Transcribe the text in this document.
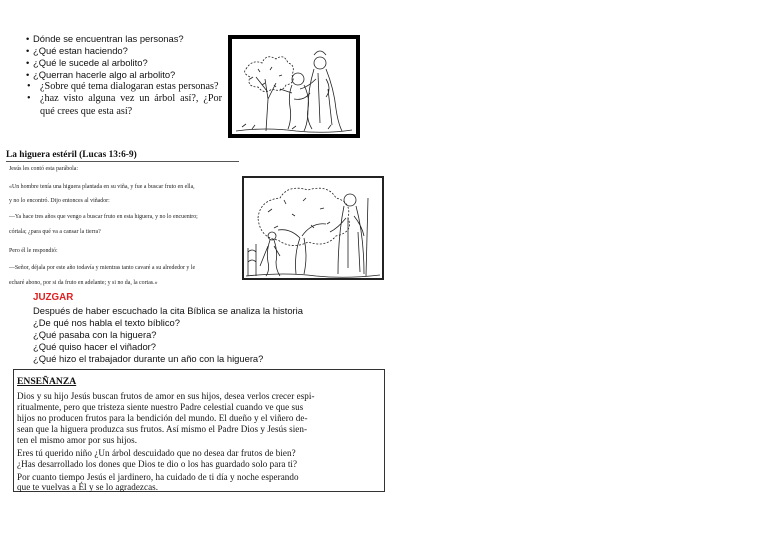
• Dónde se encuentran las personas?
• ¿Qué estan haciendo?
• ¿Qué le sucede al arbolito?
• ¿Querran hacerle algo al arbolito?
• ¿Sobre qué tema dialogaran estas personas?
• ¿haz visto alguna vez un árbol así?, ¿Por qué crees que esta así?
La higuera estéril (Lucas 13:6-9)
Jesús les contó esta parábola:
«Un hombre tenía una higuera plantada en su viña, y fue a buscar fruto en ella,
y no lo encontró. Dijo entonces al viñador:
—Ya hace tres años que vengo a buscar fruto en esta higuera, y no lo encuentro;
córtala; ¿para qué va a cansar la tierra?
Pero él le respondió:
—Señor, déjala por este año todavía y mientras tanto cavaré a su alrededor y le
echaré abono, por si da fruto en adelante; y si no da, la cortas.»
JUZGAR
Después de haber escuchado la cita Bíblica se analiza la historia
¿De qué nos habla el texto bíblico?
¿Qué pasaba con la higuera?
¿Qué quiso hacer el viñador?
¿Qué hizo el trabajador durante un año con la higuera?
ENSEÑANZA
Dios y su hijo Jesús buscan frutos de amor en sus hijos, desea verlos crecer espi-
ritualmente, pero que tristeza siente nuestro Padre celestial cuando ve que sus
hijos no producen frutos para la bendición del mundo. El dueño y el viñero de-
sean que la higuera produzca sus frutos. Así mismo el Padre Dios y Jesús sien-
ten el mismo amor por sus hijos.
Eres tú querido niño ¿Un árbol descuidado que no desea dar frutos de bien?
¿Has desarrollado los dones que Dios te dio o los has guardado solo para ti?
Por cuanto tiempo Jesús el jardinero, ha cuidado de ti día y noche esperando
que te vuelvas a Él y se lo agradezcas.
